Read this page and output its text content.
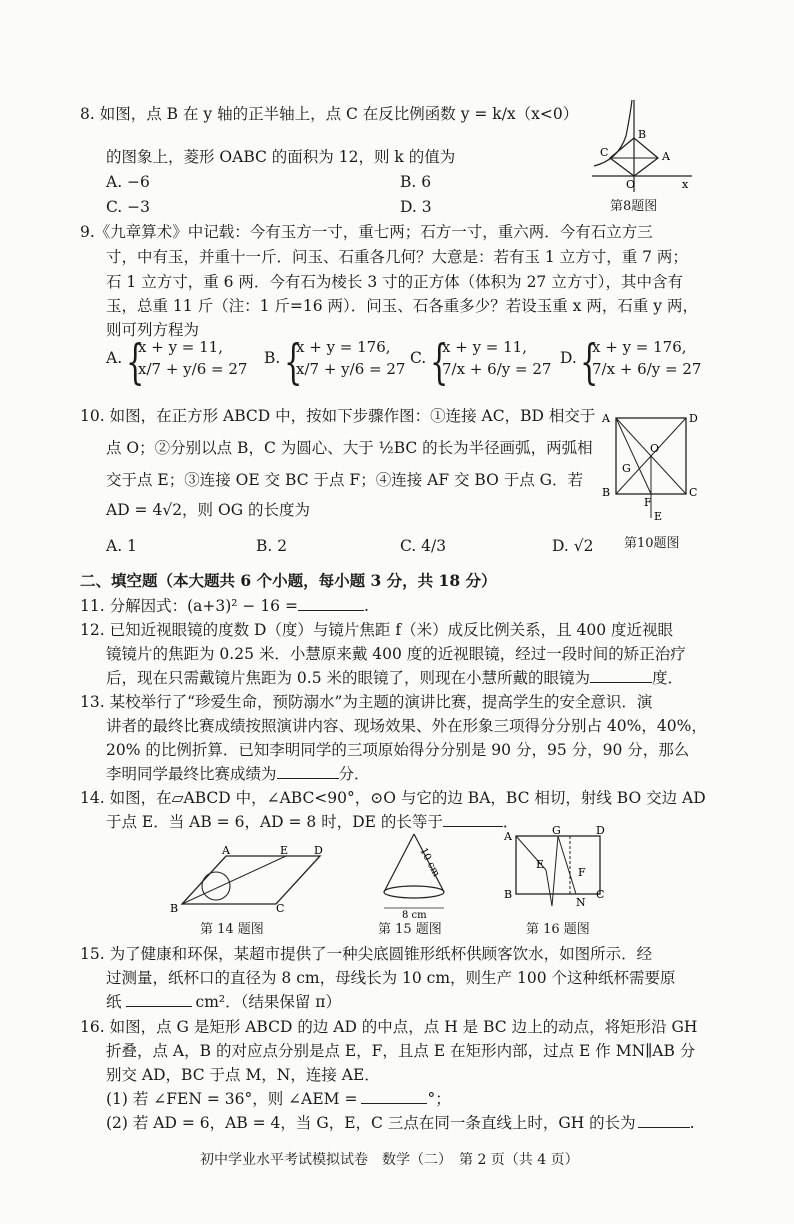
8. 如图，点 B 在 y 轴的正半轴上，点 C 在反比例函数 y = k/x（x<0）
的图象上，菱形 OABC 的面积为 12，则 k 的值为
A. −6	B. 6
C. −3	D. 3
C
B
A
O	x
第8题图
9.《九章算术》中记载：今有玉方一寸，重七两；石方一寸，重六两．今有石立方三
寸，中有玉，并重十一斤．问玉、石重各几何？大意是：若有玉 1 立方寸，重 7 两；
石 1 立方寸，重 6 两．今有石为棱长 3 寸的正方体（体积为 27 立方寸），其中含有
玉，总重 11 斤（注：1 斤=16 两）．问玉、石各重多少？若设玉重 x 两，石重 y 两，
则可列方程为
A. {
x + y = 11,
x/7 + y/6 = 27
B. {
x + y = 176,
x/7 + y/6 = 27
C. {
x + y = 11,
7/x + 6/y = 27
D. {
x + y = 176,
7/x + 6/y = 27
10. 如图，在正方形 ABCD 中，按如下步骤作图：①连接 AC，BD 相交于
点 O；②分别以点 B，C 为圆心、大于 ½BC 的长为半径画弧，两弧相
交于点 E；③连接 OE 交 BC 于点 F；④连接 AF 交 BO 于点 G．若
AD = 4√2，则 OG 的长度为
A. 1	B. 2	C. 4/3	D. √2
A	D
O
G
B
F
C
E
第10题图
二、填空题（本大题共 6 个小题，每小题 3 分，共 18 分）
11. 分解因式：(a+3)² − 16 =	.
12. 已知近视眼镜的度数 D（度）与镜片焦距 f（米）成反比例关系，且 400 度近视眼
镜镜片的焦距为 0.25 米．小慧原来戴 400 度的近视眼镜，经过一段时间的矫正治疗
后，现在只需戴镜片焦距为 0.5 米的眼镜了，则现在小慧所戴的眼镜为	度．
13. 某校举行了“珍爱生命，预防溺水”为主题的演讲比赛，提高学生的安全意识．演
讲者的最终比赛成绩按照演讲内容、现场效果、外在形象三项得分分别占 40%，40%，
20% 的比例折算．已知李明同学的三项原始得分分别是 90 分，95 分，90 分，那么
李明同学最终比赛成绩为	分．
14. 如图，在▱ABCD 中，∠ABC<90°，⊙O 与它的边 BA，BC 相切，射线 BO 交边 AD
于点 E．当 AB = 6，AD = 8 时，DE 的长等于	．
A	E D
B	C
第 14 题图
10 cm
8 cm
第 15 题图
A	G	D
E
F
B
N
C
第 16 题图
15. 为了健康和环保，某超市提供了一种尖底圆锥形纸杯供顾客饮水，如图所示．经
过测量，纸杯口的直径为 8 cm，母线长为 10 cm，则生产 100 个这种纸杯需要原
纸	cm²．（结果保留 π）
16. 如图，点 G 是矩形 ABCD 的边 AD 的中点，点 H 是 BC 边上的动点，将矩形沿 GH
折叠，点 A，B 的对应点分别是点 E，F，且点 E 在矩形内部，过点 E 作 MN∥AB 分
别交 AD，BC 于点 M，N，连接 AE．
(1) 若 ∠FEN = 36°，则 ∠AEM =	°；
(2) 若 AD = 6，AB = 4，当 G，E，C 三点在同一条直线上时，GH 的长为	.
初中学业水平考试模拟试卷　数学（二）　第 2 页（共 4 页）
